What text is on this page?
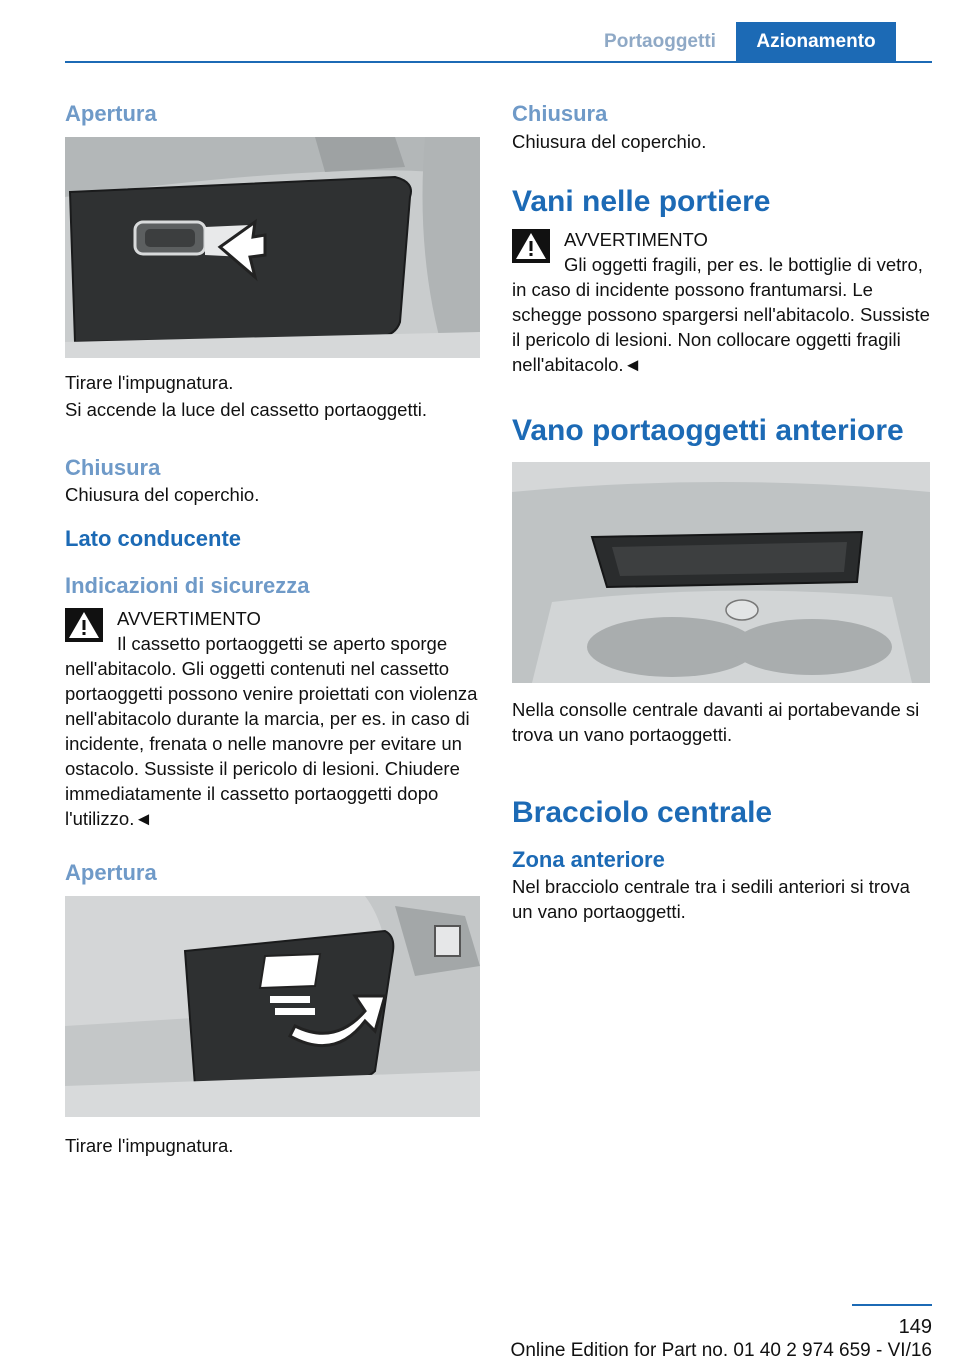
Portaoggetti	Azionamento
Apertura

Tirare l'impugnatura.

Si accende la luce del cassetto portaoggetti.

Chiusura

Chiusura del coperchio.

Lato conducente
Indicazioni di sicurezza
AVVERTIMENTO
Il cassetto portaoggetti se aperto sporge nell'abitacolo. Gli oggetti contenuti nel cassetto portaoggetti possono venire proiettati con violenza nell'abitacolo durante la marcia, per es. in caso di incidente, frenata o nelle manovre per evitare un ostacolo. Sussiste il pericolo di lesioni. Chiudere immediatamente il cassetto portaoggetti dopo l'utilizzo.◄
Apertura

Tirare l'impugnatura.

Chiusura

Chiusura del coperchio.

Vani nelle portiere
AVVERTIMENTO
Gli oggetti fragili, per es. le bottiglie di vetro, in caso di incidente possono frantumarsi. Le schegge possono spargersi nell'abitacolo. Sussiste il pericolo di lesioni. Non collocare oggetti fragili nell'abitacolo.◄
Vano portaoggetti anteriore

Nella consolle centrale davanti ai portabevande si trova un vano portaoggetti.

Bracciolo centrale
Zona anteriore

Nel bracciolo centrale tra i sedili anteriori si trova un vano portaoggetti.

149
Online Edition for Part no. 01 40 2 974 659 - VI/16
